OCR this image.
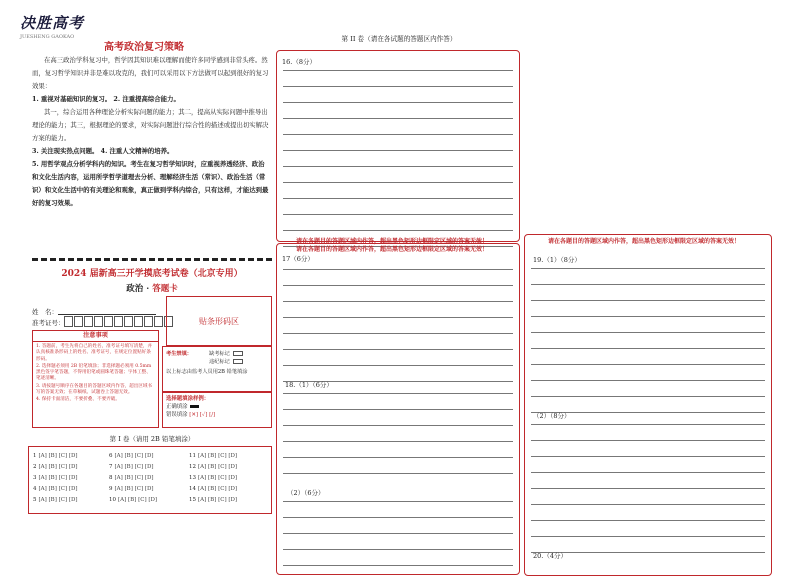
决胜高考
JUESHENG GAOKAO
高考政治复习策略

在高三政治学科复习中，哲学因其知识难以理解而使许多同学感到非常头疼。然而，复习哲学知识并非是难以攻克的，我们可以采用以下方法做可以起到很好的复习效果：

1. 重视对基础知识的复习。 2. 注重提高综合能力。

其一，综合运用各种理论分析实际问题的能力；其二，提高从实际问题中推导出理论的能力；其三，根据理论的要求，对实际问题进行综合性的描述或提出切实解决方案的能力。

3. 关注现实热点问题。 4. 注重人文精神的培养。

5. 用哲学观点分析学科内的知识。考生在复习哲学知识时，应重视养透经济、政治和文化生活内容，运用所学哲学道理去分析、理解经济生活（常识）、政治生活（常识）和文化生活中的有关理论和观象，真正做到学科内综合，只有这样，才能达到最好的复习效果。

2024 届新高三开学摸底考试卷（北京专用）
政治 · 答题卡
姓　名：
准考证号：	贴条形码区
注意事项
1. 答题前，考生先将自己的姓名，准考证号填写清楚，并认真核准条形码上的姓名、准考证号，在规定位置贴好条形码。
2. 选择题必须用 2B 铅笔填涂；非选择题必须用 0.5mm 黑色签字笔答题，不得用铅笔或圆珠笔答题；字体工整、笔迹清晰。
3. 请按题号顺序在各题目的答题区域内作答，超出区域书写的答案无效；在草稿纸、试题卷上答题无效。
4. 保持卡面清洁，不要折叠、不要弄破。
考生禁填：	缺考标记
违纪标记
以上标志由监考人员用2B 铅笔填涂
选择题填涂样例：
正确填涂
错误填涂 [✕] [✓] [/]
第 I 卷（请用 2B 铅笔填涂）
1 [A] [B] [C] [D]
2 [A] [B] [C] [D]
3 [A] [B] [C] [D]
4 [A] [B] [C] [D]
5 [A] [B] [C] [D]
6 [A] [B] [C] [D]
7 [A] [B] [C] [D]
8 [A] [B] [C] [D]
9 [A] [B] [C] [D]
10 [A] [B] [C] [D]
11 [A] [B] [C] [D]
12 [A] [B] [C] [D]
13 [A] [B] [C] [D]
14 [A] [B] [C] [D]
15 [A] [B] [C] [D]
第 II 卷（请在各试题的答题区内作答）
16.（8分）
请在各题目的答题区域内作答，超出黑色矩形边框限定区域的答案无效！
请在各题目的答题区域内作答，超出黑色矩形边框限定区域的答案无效！
17（6分）
18.（1）（6分）
（2）（6分）
请在各题目的答题区域内作答，超出黑色矩形边框限定区域的答案无效！
19.（1）（8分）
（2）（8分）
20.（4分）
